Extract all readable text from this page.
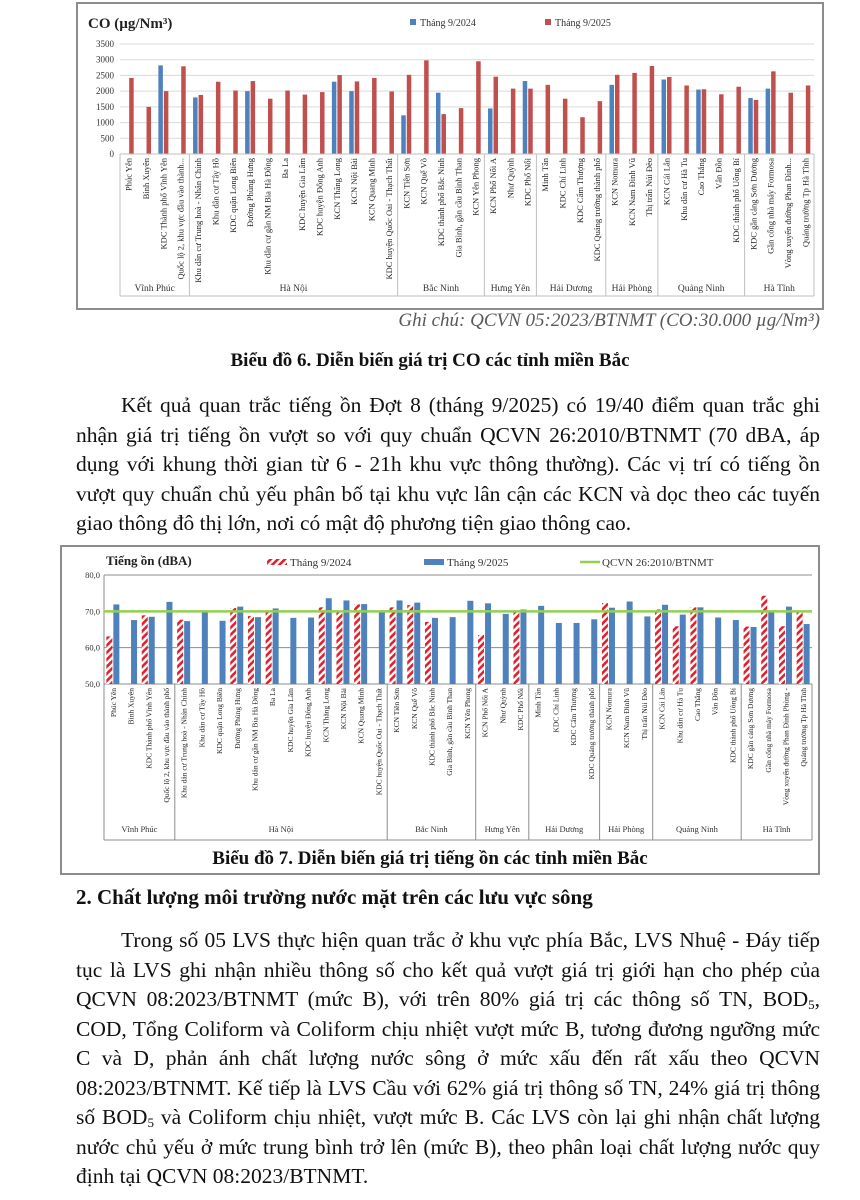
CO (µg/Nm³)	Tháng 9/2024	Tháng 9/2025
0
500
1000
1500
2000
2500
3000
3500
Phúc Yên Bình Xuyên KDC Thành phố Vĩnh Yên Quốc lộ 2, khu vực đầu vào thành... Khu dân cư Trung hoà - Nhân Chính Khu dân cư Tây Hồ KDC quận Long Biên Đường Phùng Hưng Khu dân cư gần NM Bia Hà Đông Ba La KDC huyện Gia Lâm KDC huyện Đông Anh KCN Thăng Long KCN Nội Bài KCN Quang Minh KDC huyện Quốc Oai - Thạch Thất KCN Tiên Sơn KCN Quế Võ KDC thành phố Bắc Ninh Gia Bình, gần cầu Bình Than KCN Yên Phong KCN Phố Nối A Như Quỳnh KDC Phố Nối Minh Tân KDC Chí Linh KDC Cẩm Thượng KDC Quảng trường thành phố KCN Nomura KCN Nam Đình Vũ Thị trấn Núi Đèo KCN Cái Lân Khu dân cư Hà Tu Cao Thắng Vân Đồn KDC thành phố Uông Bí KDC gần cảng Sơn Dương Gần cổng nhà máy Formosa Vòng xuyến đường Phan Đình... Quảng trường Tp Hà Tĩnh
Vĩnh Phúc	Hà Nội	Bắc Ninh	Hưng Yên Hải Dương Hải Phòng	Quảng Ninh	Hà Tĩnh
Ghi chú: QCVN 05:2023/BTNMT (CO:30.000 µg/Nm³)
Biểu đồ 6. Diễn biến giá trị CO các tỉnh miền Bắc
Kết quả quan trắc tiếng ồn Đợt 8 (tháng 9/2025) có 19/40 điểm quan trắc ghi nhận giá trị tiếng ồn vượt so với quy chuẩn QCVN 26:2010/BTNMT (70 dBA, áp dụng với khung thời gian từ 6 - 21h khu vực thông thường). Các vị trí có tiếng ồn vượt quy chuẩn chủ yếu phân bố tại khu vực lân cận các KCN và dọc theo các tuyến giao thông đô thị lớn, nơi có mật độ phương tiện giao thông cao.
Tiếng ồn (dBA)	Tháng 9/2024	Tháng 9/2025	QCVN 26:2010/BTNMT
50,0
60,0
70,0
80,0
Phúc Yên Bình Xuyên KDC Thành phố Vĩnh Yên Quốc lộ 2, khu vực đầu vào thành phố Khu dân cư Trung hoà - Nhân Chính Khu dân cư Tây Hồ KDC quận Long Biên Đường Phùng Hưng Khu dân cư gần NM Bia Hà Đông Ba La KDC huyện Gia Lâm KDC huyện Đông Anh KCN Thăng Long KCN Nội Bài KCN Quang Minh KDC huyện Quốc Oai - Thạch Thất KCN Tiên Sơn KCN Quế Võ KDC thành phố Bắc Ninh Gia Bình, gần cầu Bình Than KCN Yên Phong KCN Phố Nối A Như Quỳnh KDC Phố Nối Minh Tân KDC Chí Linh KDC Cẩm Thượng KDC Quảng trường thành phố KCN Nomura KCN Nam Đình Vũ Thị trấn Núi Đèo KCN Cái Lân Khu dân cư Hà Tu Cao Thắng Vân Đồn KDC thành phố Uông Bí KDC gần cảng Sơn Dương Gần cổng nhà máy Formosa Vòng xuyến đường Phan Đình Phùng - Quảng trường Tp Hà Tĩnh
Vĩnh Phúc	Hà Nội	Bắc Ninh	Hưng Yên	Hải Dương	Hải Phòng	Quảng Ninh	Hà Tĩnh
Biểu đồ 7. Diễn biến giá trị tiếng ồn các tỉnh miền Bắc
2. Chất lượng môi trường nước mặt trên các lưu vực sông
Trong số 05 LVS thực hiện quan trắc ở khu vực phía Bắc, LVS Nhuệ - Đáy tiếp tục là LVS ghi nhận nhiều thông số cho kết quả vượt giá trị giới hạn cho phép của QCVN 08:2023/BTNMT (mức B), với trên 80% giá trị các thông số TN, $BOD_5$, COD, Tổng Coliform và Coliform chịu nhiệt vượt mức B, tương đương ngưỡng mức C và D, phản ánh chất lượng nước sông ở mức xấu đến rất xấu theo QCVN 08:2023/BTNMT. Kế tiếp là LVS Cầu với 62% giá trị thông số TN, 24% giá trị thông số $BOD_5$ và Coliform chịu nhiệt, vượt mức B. Các LVS còn lại ghi nhận chất lượng nước chủ yếu ở mức trung bình trở lên (mức B), theo phân loại chất lượng nước quy định tại QCVN 08:2023/BTNMT.
